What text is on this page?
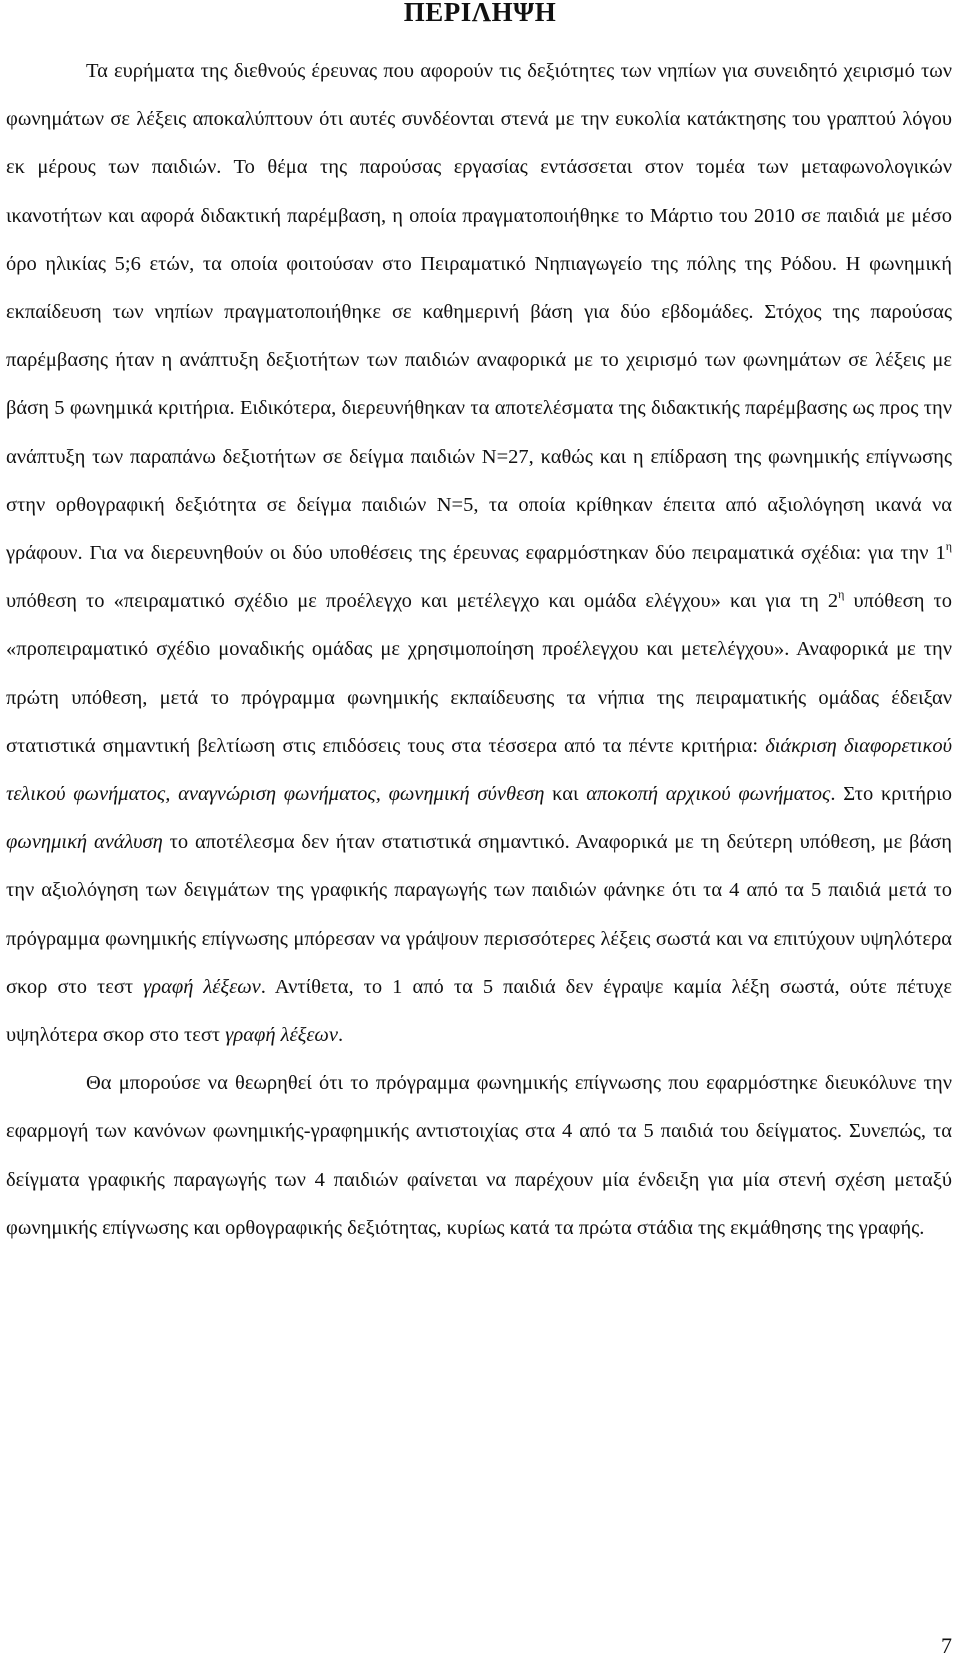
ΠΕΡΙΛΗΨΗ

Τα ευρήματα της διεθνούς έρευνας που αφορούν τις δεξιότητες των νηπίων για συνειδητό χειρισμό των φωνημάτων σε λέξεις αποκαλύπτουν ότι αυτές συνδέονται στενά με την ευκολία κατάκτησης του γραπτού λόγου εκ μέρους των παιδιών. Το θέμα της παρούσας εργασίας εντάσσεται στον τομέα των μεταφωνολογικών ικανοτήτων και αφορά διδακτική παρέμβαση, η οποία πραγματοποιήθηκε το Μάρτιο του 2010 σε παιδιά με μέσο όρο ηλικίας 5;6 ετών, τα οποία φοιτούσαν στο Πειραματικό Νηπιαγωγείο της πόλης της Ρόδου. Η φωνημική εκπαίδευση των νηπίων πραγματοποιήθηκε σε καθημερινή βάση για δύο εβδομάδες. Στόχος της παρούσας παρέμβασης ήταν η ανάπτυξη δεξιοτήτων των παιδιών αναφορικά με το χειρισμό των φωνημάτων σε λέξεις με βάση 5 φωνημικά κριτήρια. Ειδικότερα, διερευνήθηκαν τα αποτελέσματα της διδακτικής παρέμβασης ως προς την ανάπτυξη των παραπάνω δεξιοτήτων σε δείγμα παιδιών Ν=27, καθώς και η επίδραση της φωνημικής επίγνωσης στην ορθογραφική δεξιότητα σε δείγμα παιδιών Ν=5, τα οποία κρίθηκαν έπειτα από αξιολόγηση ικανά να γράφουν. Για να διερευνηθούν οι δύο υποθέσεις της έρευνας εφαρμόστηκαν δύο πειραματικά σχέδια: για την $1^\eta$ υπόθεση το «πειραματικό σχέδιο με προέλεγχο και μετέλεγχο και ομάδα ελέγχου» και για τη $2^\eta$ υπόθεση το «προπειραματικό σχέδιο μοναδικής ομάδας με χρησιμοποίηση προέλεγχου και μετελέγχου». Αναφορικά με την πρώτη υπόθεση, μετά το πρόγραμμα φωνημικής εκπαίδευσης τα νήπια της πειραματικής ομάδας έδειξαν στατιστικά σημαντική βελτίωση στις επιδόσεις τους στα τέσσερα από τα πέντε κριτήρια: διάκριση διαφορετικού τελικού φωνήματος, αναγνώριση φωνήματος, φωνημική σύνθεση και αποκοπή αρχικού φωνήματος. Στο κριτήριο φωνημική ανάλυση το αποτέλεσμα δεν ήταν στατιστικά σημαντικό. Αναφορικά με τη δεύτερη υπόθεση, με βάση την αξιολόγηση των δειγμάτων της γραφικής παραγωγής των παιδιών φάνηκε ότι τα 4 από τα 5 παιδιά μετά το πρόγραμμα φωνημικής επίγνωσης μπόρεσαν να γράψουν περισσότερες λέξεις σωστά και να επιτύχουν υψηλότερα σκορ στο τεστ γραφή λέξεων. Αντίθετα, το 1 από τα 5 παιδιά δεν έγραψε καμία λέξη σωστά, ούτε πέτυχε υψηλότερα σκορ στο τεστ γραφή λέξεων.

Θα μπορούσε να θεωρηθεί ότι το πρόγραμμα φωνημικής επίγνωσης που εφαρμόστηκε διευκόλυνε την εφαρμογή των κανόνων φωνημικής-γραφημικής αντιστοιχίας στα 4 από τα 5 παιδιά του δείγματος. Συνεπώς, τα δείγματα γραφικής παραγωγής των 4 παιδιών φαίνεται να παρέχουν μία ένδειξη για μία στενή σχέση μεταξύ φωνημικής επίγνωσης και ορθογραφικής δεξιότητας, κυρίως κατά τα πρώτα στάδια της εκμάθησης της γραφής.

7
